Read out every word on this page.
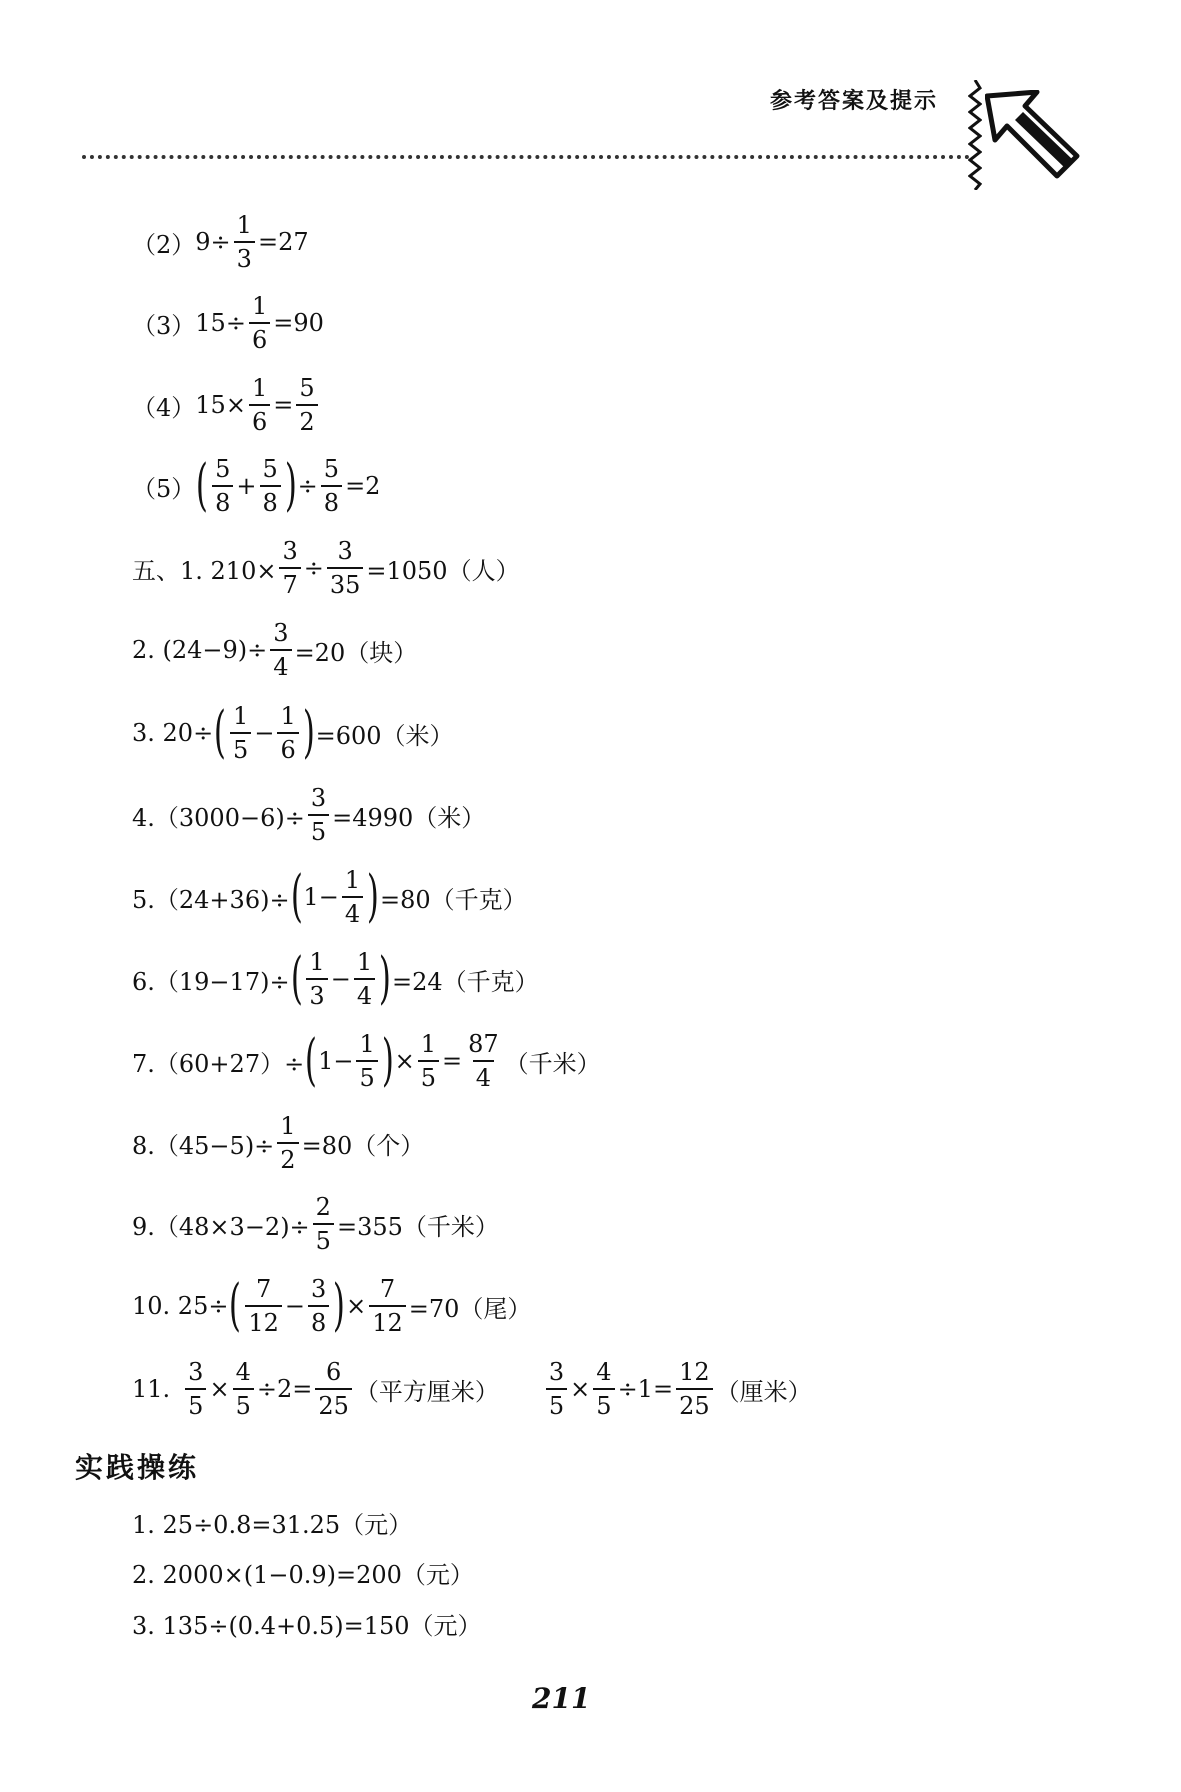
参考答案及提示
（2） $9\div \frac{1}{3} =27$
（3） $15\div \frac{1}{6} =90$
（4） $15\times \frac{1}{6} = \frac{5}{2}$
（5） ( $\frac{5}{8} + \frac{5}{8}$ ) ÷ $\frac{5}{8} =2$
五、1. $210\times \frac{3}{7} \div \frac{3}{35} =1050$（人）
2. $(24-9)\div \frac{3}{4} =20$（块）
3. 20÷ ( $\frac{1}{5} - \frac{1}{6}$ ) =600（米）
$4.(3000-6)\div \frac{3}{5} =4990$（米）
5.（24+36)÷ ( $1- \frac{1}{4}$ ) =80（千克）
6.（19−17)÷ ( $\frac{1}{3} - \frac{1}{4}$ ) =24（千克）
7.（60+27）÷ ( $1- \frac{1}{5}$ ) × $\frac{1}{5} = \frac{87}{4}$ （千米）
$8.(45-5)\div \frac{1}{2} =80$（个）
$9.(48\times 3-2)\div \frac{2}{5} =355$（千米）
10. 25÷ ( $\frac{7}{12} - \frac{3}{8}$ ) × $\frac{7}{12} =70$（尾）
11. $\frac{3}{5} \times \frac{4}{5} \div 2= \frac{6}{25}$ （平方厘米） $\frac{3}{5} \times \frac{4}{5} \div 1= \frac{12}{25}$ （厘米）
实践操练
1. 25÷0.8=31.25（元）
2. 2000×(1−0.9)=200（元）
3. 135÷(0.4+0.5)=150（元）
211
